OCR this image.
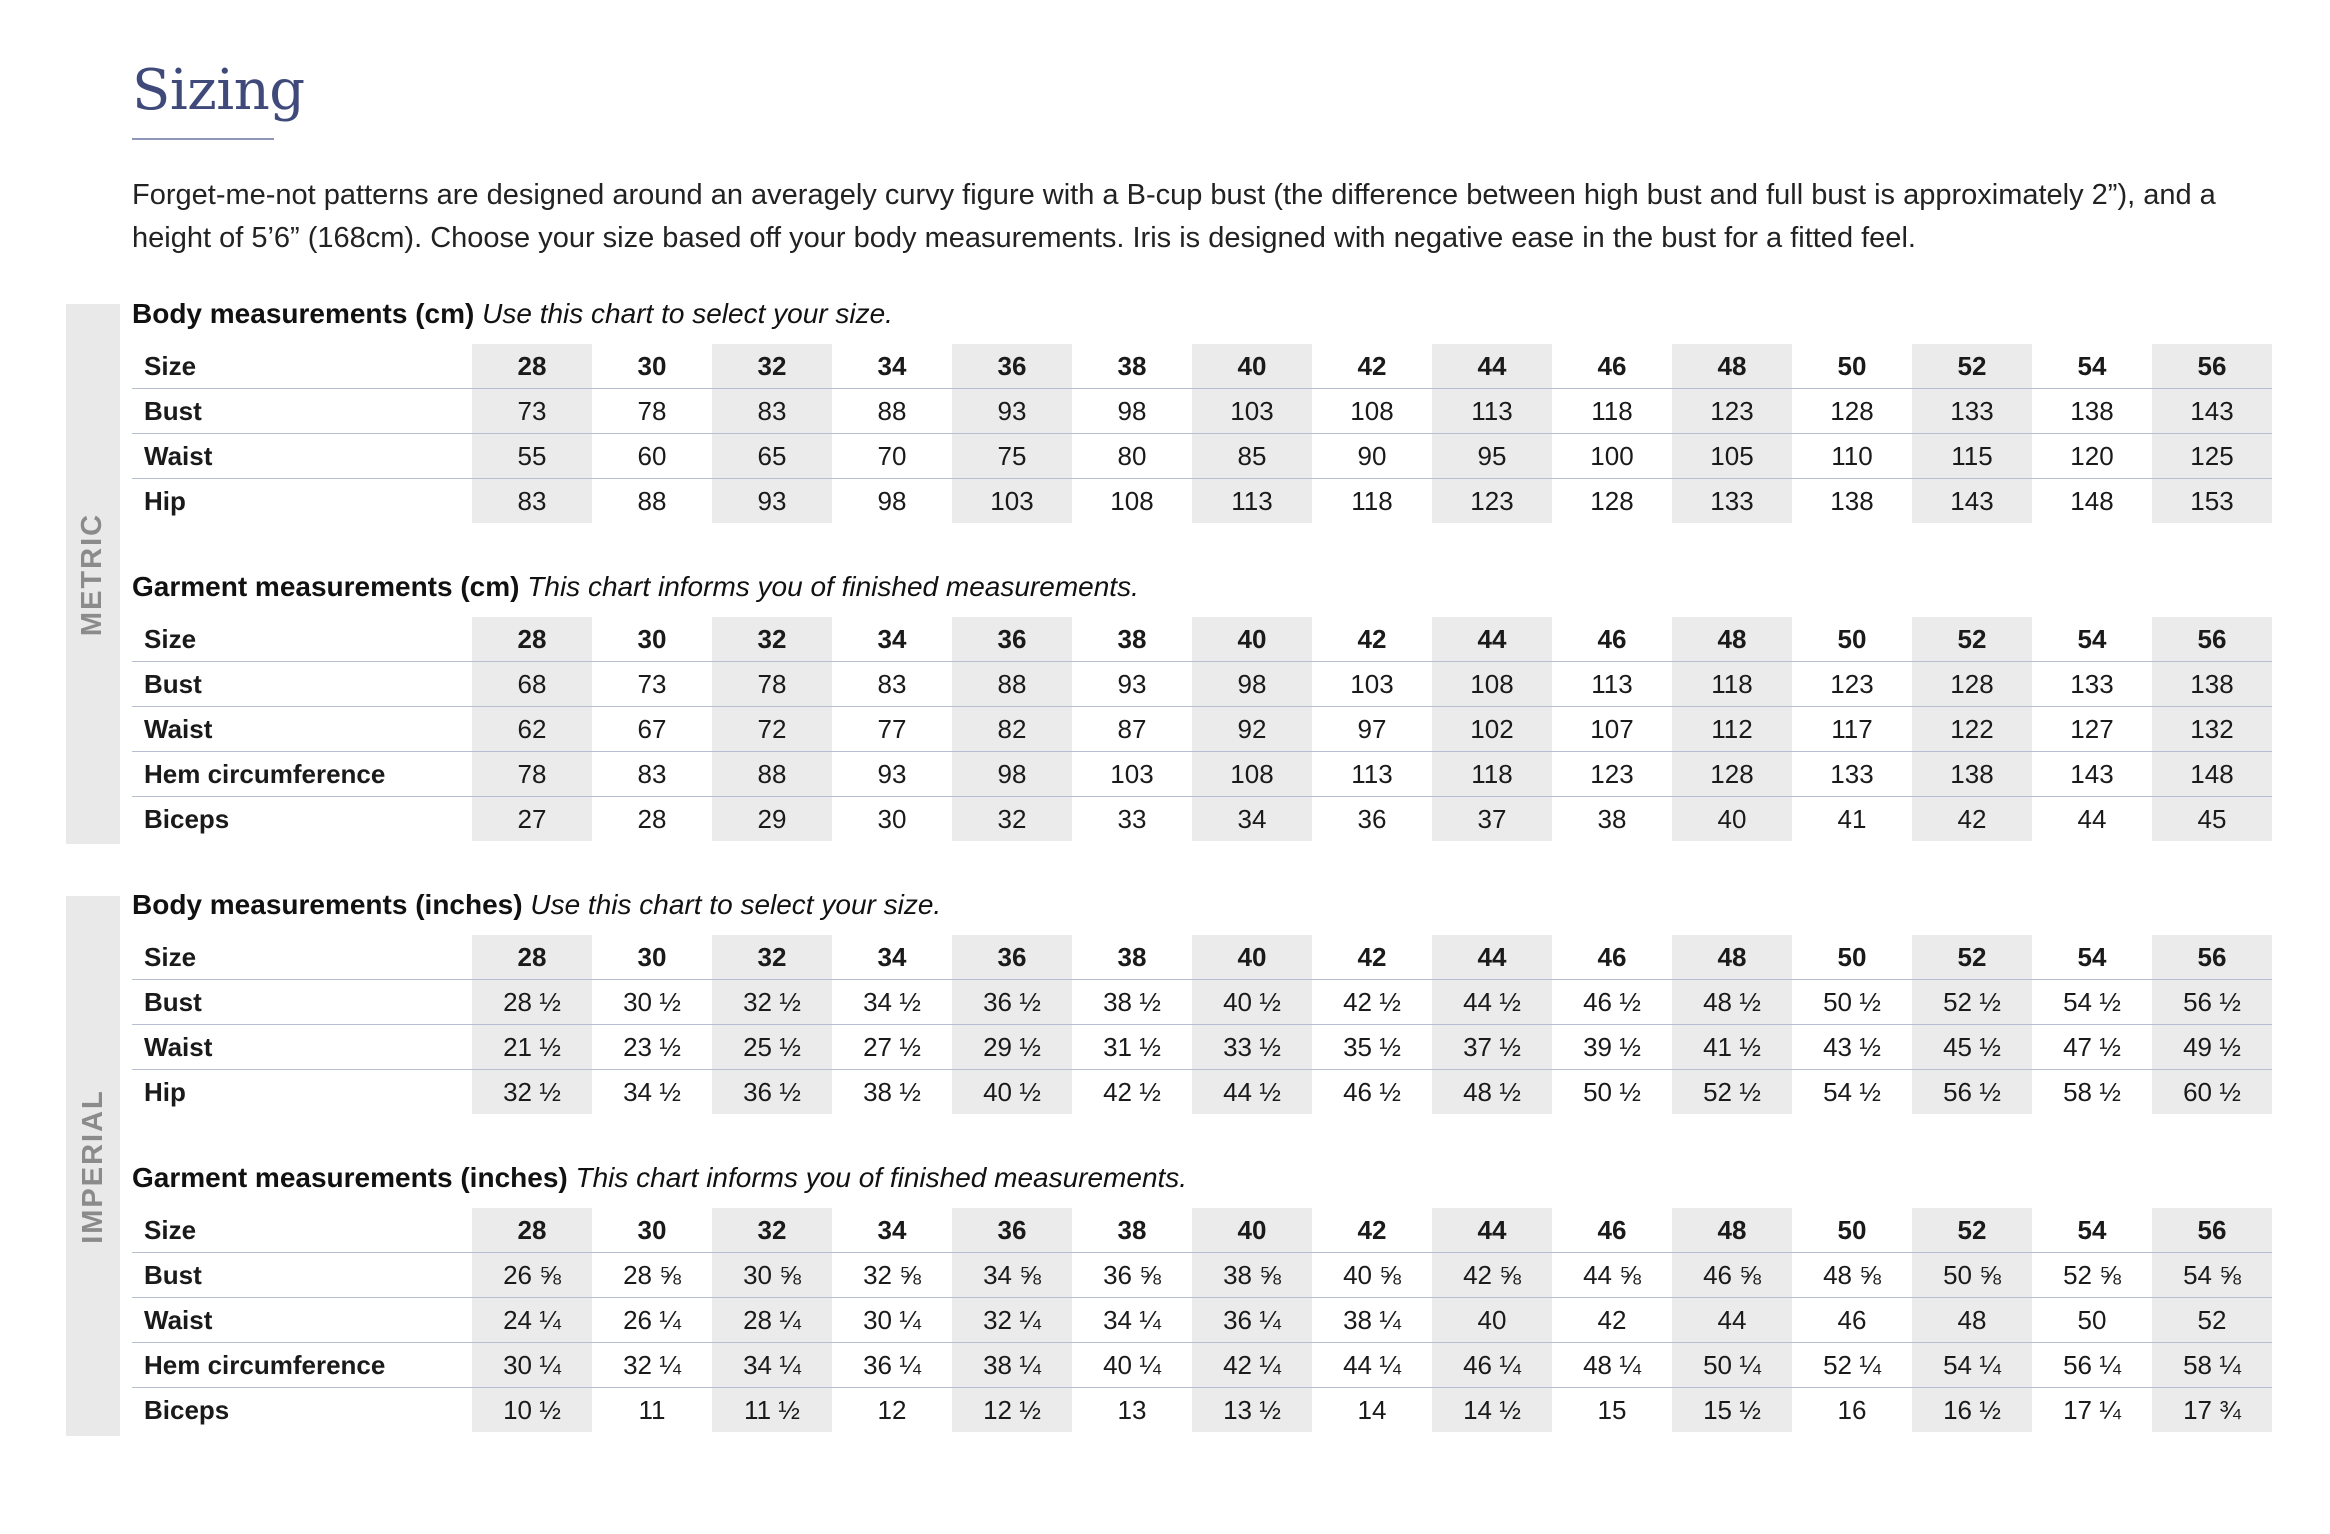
Sizing

Forget-me-not patterns are designed around an averagely curvy figure with a B-cup bust (the difference between high bust and full bust is approximately 2”), and a height of 5’6” (168cm). Choose your size based off your body measurements. Iris is designed with negative ease in the bust for a fitted feel.

METRIC
IMPERIAL

Body measurements (cm) Use this chart to select your size.

Size	28	30	32	34	36	38	40	42	44	46	48	50	52	54	56
Bust	73	78	83	88	93	98	103	108	113	118	123	128	133	138	143
Waist	55	60	65	70	75	80	85	90	95	100	105	110	115	120	125
Hip	83	88	93	98	103	108	113	118	123	128	133	138	143	148	153

Garment measurements (cm) This chart informs you of finished measurements.

Size	28	30	32	34	36	38	40	42	44	46	48	50	52	54	56
Bust	68	73	78	83	88	93	98	103	108	113	118	123	128	133	138
Waist	62	67	72	77	82	87	92	97	102	107	112	117	122	127	132
Hem circumference	78	83	88	93	98	103	108	113	118	123	128	133	138	143	148
Biceps	27	28	29	30	32	33	34	36	37	38	40	41	42	44	45

Body measurements (inches) Use this chart to select your size.

Size	28	30	32	34	36	38	40	42	44	46	48	50	52	54	56
Bust	28 ½	30 ½	32 ½	34 ½	36 ½	38 ½	40 ½	42 ½	44 ½	46 ½	48 ½	50 ½	52 ½	54 ½	56 ½
Waist	21 ½	23 ½	25 ½	27 ½	29 ½	31 ½	33 ½	35 ½	37 ½	39 ½	41 ½	43 ½	45 ½	47 ½	49 ½
Hip	32 ½	34 ½	36 ½	38 ½	40 ½	42 ½	44 ½	46 ½	48 ½	50 ½	52 ½	54 ½	56 ½	58 ½	60 ½

Garment measurements (inches) This chart informs you of finished measurements.

Size	28	30	32	34	36	38	40	42	44	46	48	50	52	54	56
Bust	26 ⅝	28 ⅝	30 ⅝	32 ⅝	34 ⅝	36 ⅝	38 ⅝	40 ⅝	42 ⅝	44 ⅝	46 ⅝	48 ⅝	50 ⅝	52 ⅝	54 ⅝
Waist	24 ¼	26 ¼	28 ¼	30 ¼	32 ¼	34 ¼	36 ¼	38 ¼	40	42	44	46	48	50	52
Hem circumference	30 ¼	32 ¼	34 ¼	36 ¼	38 ¼	40 ¼	42 ¼	44 ¼	46 ¼	48 ¼	50 ¼	52 ¼	54 ¼	56 ¼	58 ¼
Biceps	10 ½	11	11 ½	12	12 ½	13	13 ½	14	14 ½	15	15 ½	16	16 ½	17 ¼	17 ¾
